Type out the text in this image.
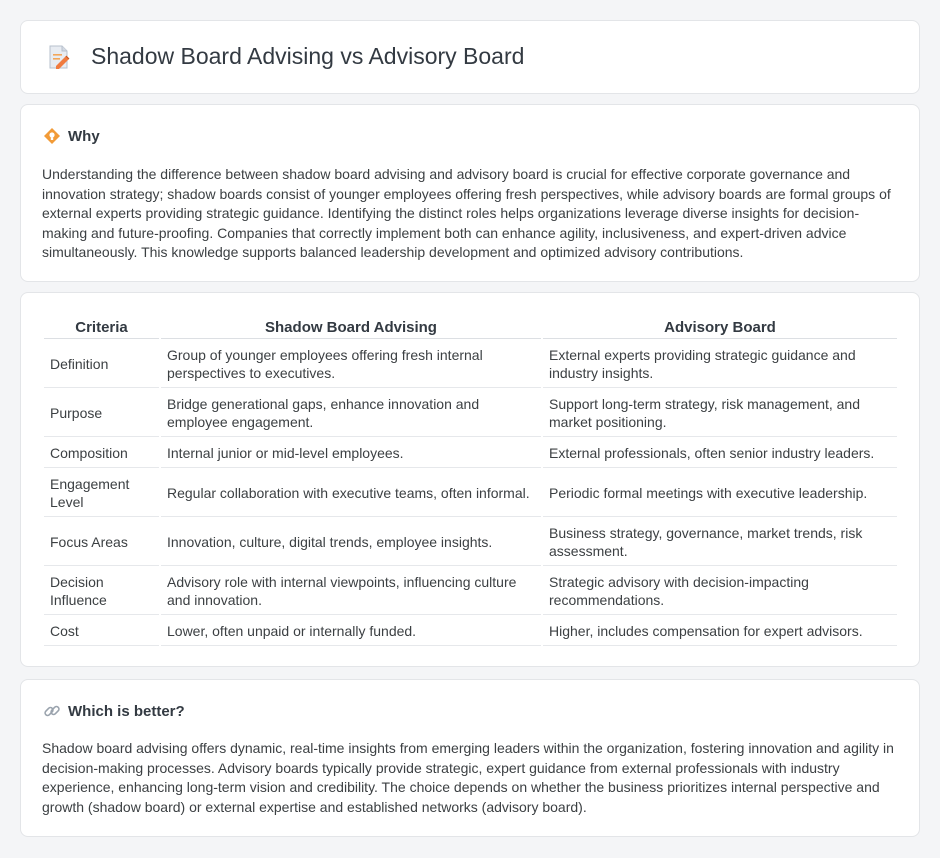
Shadow Board Advising vs Advisory Board
Why

Understanding the difference between shadow board advising and advisory board is crucial for effective corporate governance and innovation strategy; shadow boards consist of younger employees offering fresh perspectives, while advisory boards are formal groups of external experts providing strategic guidance. Identifying the distinct roles helps organizations leverage diverse insights for decision-making and future-proofing. Companies that correctly implement both can enhance agility, inclusiveness, and expert-driven advice simultaneously. This knowledge supports balanced leadership development and optimized advisory contributions.

Criteria	Shadow Board Advising	Advisory Board
Definition	Group of younger employees offering fresh internal perspectives to executives.	External experts providing strategic guidance and industry insights.
Purpose	Bridge generational gaps, enhance innovation and employee engagement.	Support long-term strategy, risk management, and market positioning.
Composition	Internal junior or mid-level employees.	External professionals, often senior industry leaders.
Engagement Level	Regular collaboration with executive teams, often informal.	Periodic formal meetings with executive leadership.
Focus Areas	Innovation, culture, digital trends, employee insights.	Business strategy, governance, market trends, risk assessment.
Decision Influence	Advisory role with internal viewpoints, influencing culture and innovation.	Strategic advisory with decision-impacting recommendations.
Cost	Lower, often unpaid or internally funded.	Higher, includes compensation for expert advisors.
Which is better?

Shadow board advising offers dynamic, real-time insights from emerging leaders within the organization, fostering innovation and agility in decision-making processes. Advisory boards typically provide strategic, expert guidance from external professionals with industry experience, enhancing long-term vision and credibility. The choice depends on whether the business prioritizes internal perspective and growth (shadow board) or external expertise and established networks (advisory board).
